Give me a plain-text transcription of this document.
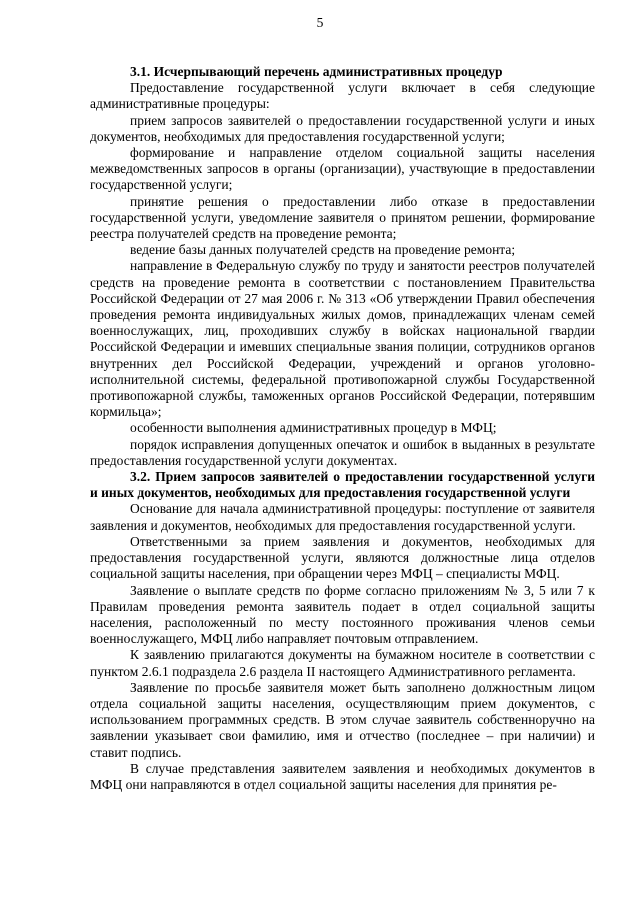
5

3.1. Исчерпывающий перечень административных процедур

Предоставление государственной услуги включает в себя следующие административные процедуры:

прием запросов заявителей о предоставлении государственной услуги и иных документов, необходимых для предоставления государственной услуги;

формирование и направление отделом социальной защиты населения межведомственных запросов в органы (организации), участвующие в предоставлении государственной услуги;

принятие решения о предоставлении либо отказе в предоставлении государственной услуги, уведомление заявителя о принятом решении, формирование реестра получателей средств на проведение ремонта;

ведение базы данных получателей средств на проведение ремонта;

направление в Федеральную службу по труду и занятости реестров получателей средств на проведение ремонта в соответствии с постановлением Правительства Российской Федерации от 27 мая 2006 г. № 313 «Об утверждении Правил обеспечения проведения ремонта индивидуальных жилых домов, принадлежащих членам семей военнослужащих, лиц, проходивших службу в войсках национальной гвардии Российской Федерации и имевших специальные звания полиции, сотрудников органов внутренних дел Российской Федерации, учреждений и органов уголовно-исполнительной системы, федеральной противопожарной службы Государственной противопожарной службы, таможенных органов Российской Федерации, потерявшим кормильца»;

особенности выполнения административных процедур в МФЦ;

порядок исправления допущенных опечаток и ошибок в выданных в результате предоставления государственной услуги документах.

3.2. Прием запросов заявителей о предоставлении государственной услуги и иных документов, необходимых для предоставления государственной услуги

Основание для начала административной процедуры: поступление от заявителя заявления и документов, необходимых для предоставления государственной услуги.

Ответственными за прием заявления и документов, необходимых для предоставления государственной услуги, являются должностные лица отделов социальной защиты населения, при обращении через МФЦ – специалисты МФЦ.

Заявление о выплате средств по форме согласно приложениям № 3, 5 или 7 к Правилам проведения ремонта заявитель подает в отдел социальной защиты населения, расположенный по месту постоянного проживания членов семьи военнослужащего, МФЦ либо направляет почтовым отправлением.

К заявлению прилагаются документы на бумажном носителе в соответствии с пунктом 2.6.1 подраздела 2.6 раздела II настоящего Административного регламента.

Заявление по просьбе заявителя может быть заполнено должностным лицом отдела социальной защиты населения, осуществляющим прием документов, с использованием программных средств. В этом случае заявитель собственноручно на заявлении указывает свои фамилию, имя и отчество (последнее – при наличии) и ставит подпись.

В случае представления заявителем заявления и необходимых документов в МФЦ они направляются в отдел социальной защиты населения для принятия ре-
